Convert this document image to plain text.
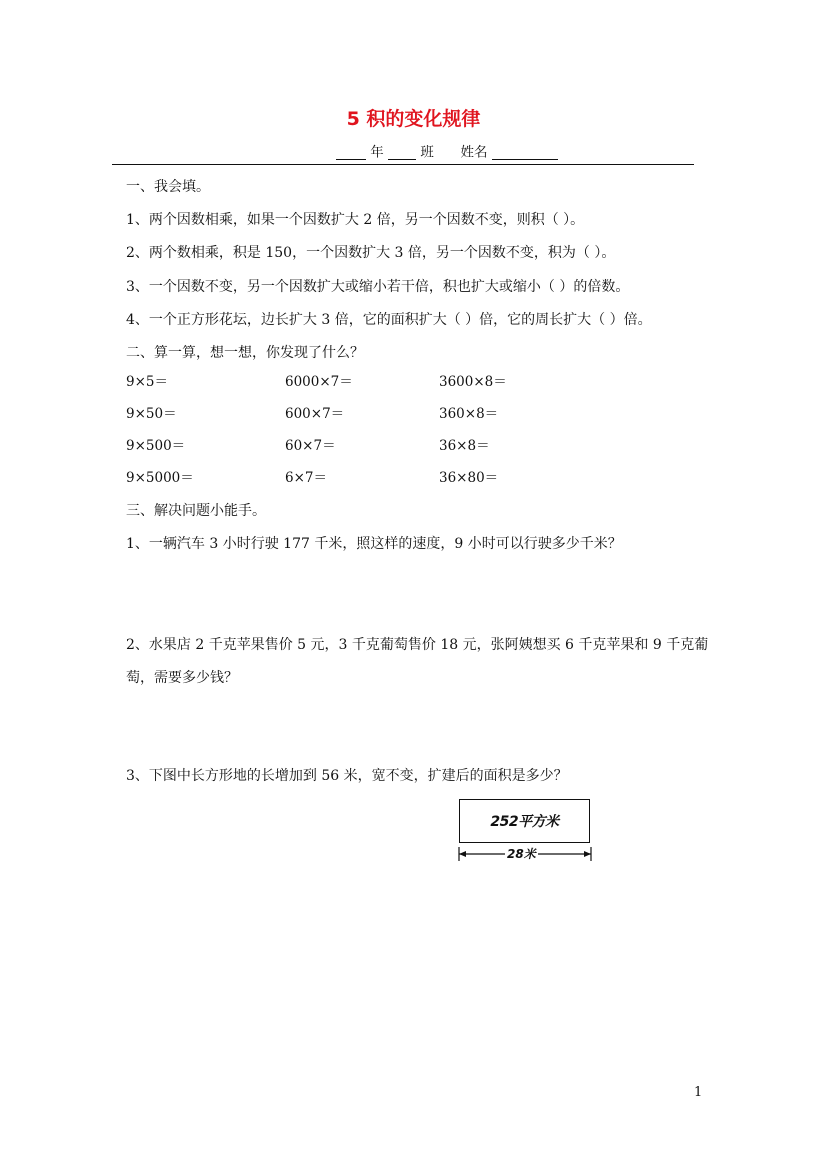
5 积的变化规律
年	班 姓名
一、我会填。
1、两个因数相乘，如果一个因数扩大 2 倍，另一个因数不变，则积（ ）。
2、两个数相乘，积是 150，一个因数扩大 3 倍，另一个因数不变，积为（ ）。
3、一个因数不变，另一个因数扩大或缩小若干倍，积也扩大或缩小（ ）的倍数。
4、一个正方形花坛，边长扩大 3 倍，它的面积扩大（ ）倍，它的周长扩大（ ）倍。
二、算一算，想一想，你发现了什么？
9×5＝	6000×7＝	3600×8＝
9×50＝	600×7＝	360×8＝
9×500＝	60×7＝	36×8＝
9×5000＝	6×7＝	36×80＝
三、解决问题小能手。
1、一辆汽车 3 小时行驶 177 千米，照这样的速度，9 小时可以行驶多少千米？
2、水果店 2 千克苹果售价 5 元，3 千克葡萄售价 18 元，张阿姨想买 6 千克苹果和 9 千克葡
萄，需要多少钱？
3、下图中长方形地的长增加到 56 米，宽不变，扩建后的面积是多少？
252平方米
28米
1
